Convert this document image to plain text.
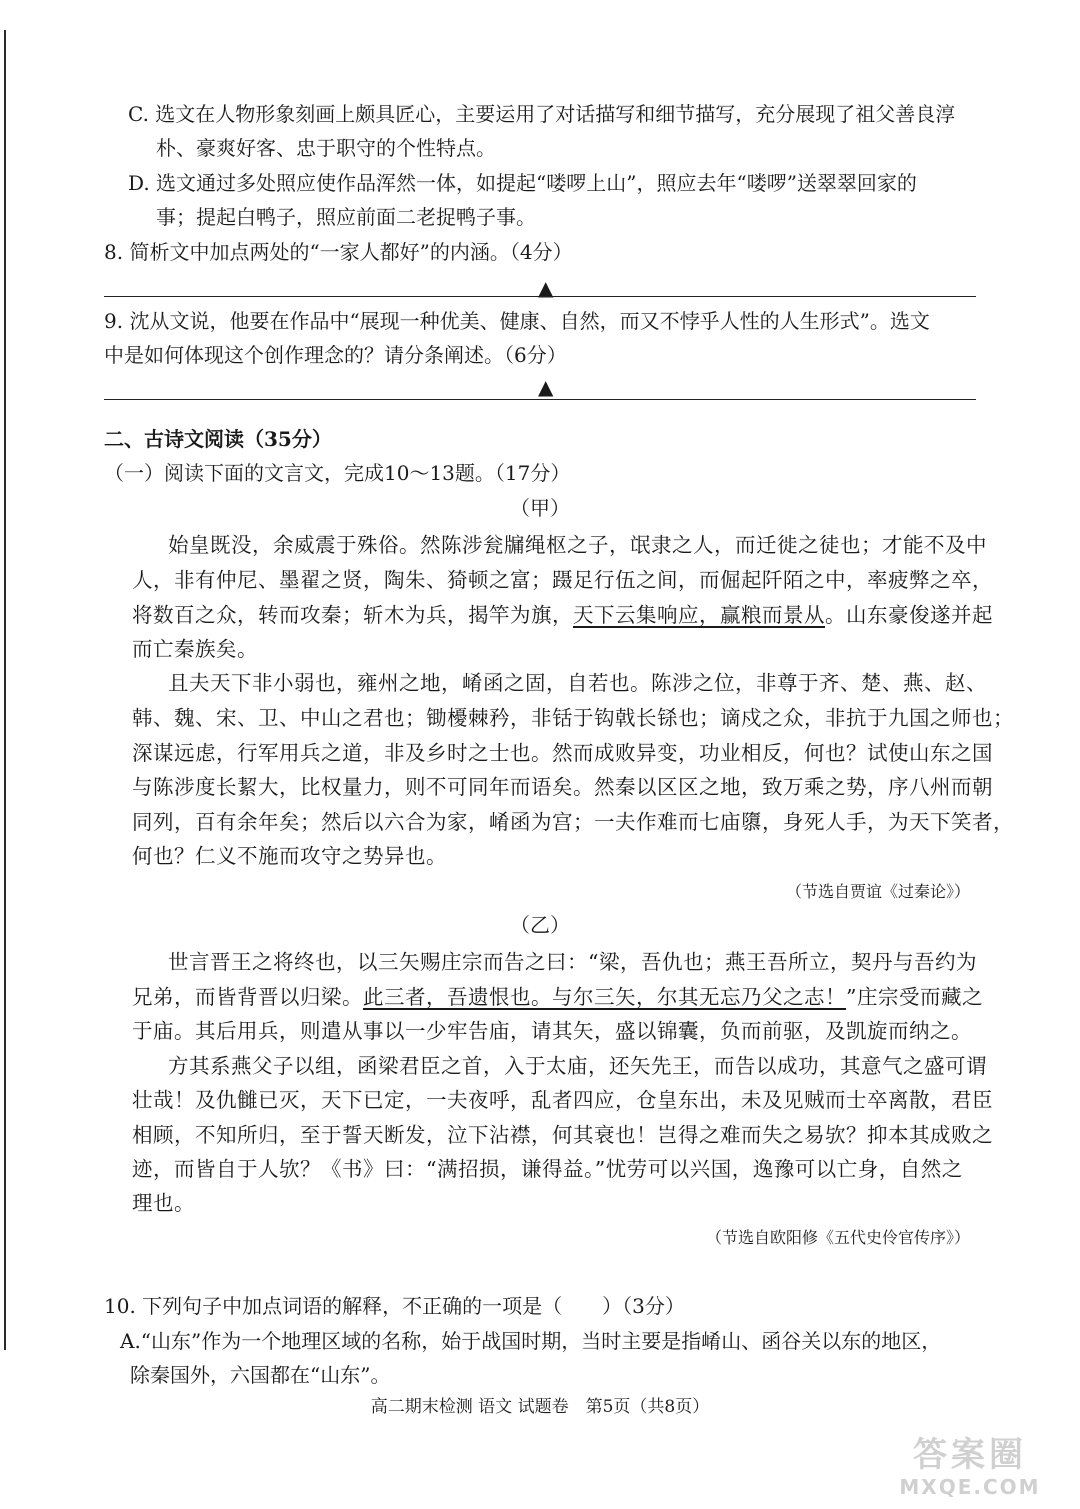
C. 选文在人物形象刻画上颇具匠心，主要运用了对话描写和细节描写，充分展现了祖父善良淳
朴、豪爽好客、忠于职守的个性特点。
D. 选文通过多处照应使作品浑然一体，如提起“喽啰上山”，照应去年“喽啰”送翠翠回家的
事；提起白鸭子，照应前面二老捉鸭子事。
8. 简析文中加点两处的“一家人都好”的内涵。（4分）
▲
9. 沈从文说，他要在作品中“展现一种优美、健康、自然，而又不悖乎人性的人生形式”。选文
中是如何体现这个创作理念的？请分条阐述。（6分）
▲
二、古诗文阅读（35分）
（一）阅读下面的文言文，完成10～13题。（17分）
（甲）
始皇既没，余威震于殊俗。然陈涉瓮牖绳枢之子，氓隶之人，而迁徙之徒也；才能不及中
人，非有仲尼、墨翟之贤，陶朱、猗顿之富；蹑足行伍之间，而倔起阡陌之中，率疲弊之卒，
将数百之众，转而攻秦；斩木为兵，揭竿为旗，天下云集响应，赢粮而景从。山东豪俊遂并起
而亡秦族矣。
且夫天下非小弱也，雍州之地，崤函之固，自若也。陈涉之位，非尊于齐、楚、燕、赵、
韩、魏、宋、卫、中山之君也；锄櫌棘矜，非铦于钩戟长铩也；谪戍之众，非抗于九国之师也；
深谋远虑，行军用兵之道，非及乡时之士也。然而成败异变，功业相反，何也？试使山东之国
与陈涉度长絜大，比权量力，则不可同年而语矣。然秦以区区之地，致万乘之势，序八州而朝
同列，百有余年矣；然后以六合为家，崤函为宫；一夫作难而七庙隳，身死人手，为天下笑者，
何也？仁义不施而攻守之势异也。
（节选自贾谊《过秦论》）
（乙）
世言晋王之将终也，以三矢赐庄宗而告之曰：“梁，吾仇也；燕王吾所立，契丹与吾约为
兄弟，而皆背晋以归梁。此三者，吾遗恨也。与尔三矢，尔其无忘乃父之志！”庄宗受而藏之
于庙。其后用兵，则遣从事以一少牢告庙，请其矢，盛以锦囊，负而前驱，及凯旋而纳之。
方其系燕父子以组，函梁君臣之首，入于太庙，还矢先王，而告以成功，其意气之盛可谓
壮哉！及仇雠已灭，天下已定，一夫夜呼，乱者四应，仓皇东出，未及见贼而士卒离散，君臣
相顾，不知所归，至于誓天断发，泣下沾襟，何其衰也！岂得之难而失之易欤？抑本其成败之
迹，而皆自于人欤？《书》曰：“满招损，谦得益。”忧劳可以兴国，逸豫可以亡身，自然之
理也。
（节选自欧阳修《五代史伶官传序》）
10. 下列句子中加点词语的解释，不正确的一项是（　　）（3分）
A.“山东”作为一个地理区域的名称，始于战国时期，当时主要是指崤山、函谷关以东的地区，
除秦国外，六国都在“山东”。
高二期末检测 语文 试题卷　第5页（共8页）
答案圈
MXQE.COM
